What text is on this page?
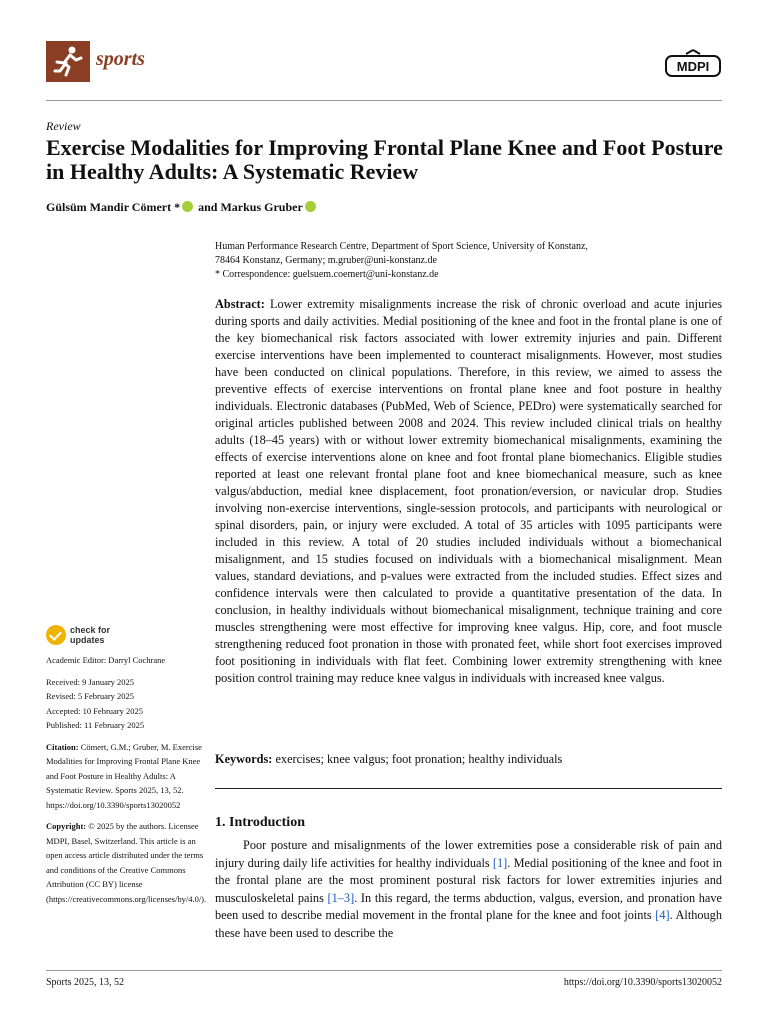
sports	MDPI
Review
Exercise Modalities for Improving Frontal Plane Knee and Foot Posture in Healthy Adults: A Systematic Review
Gülsüm Mandir Cömert * and Markus Gruber
Human Performance Research Centre, Department of Sport Science, University of Konstanz,
78464 Konstanz, Germany; m.gruber@uni-konstanz.de
* Correspondence: guelsuem.coemert@uni-konstanz.de
Abstract: Lower extremity misalignments increase the risk of chronic overload and acute injuries during sports and daily activities. Medial positioning of the knee and foot in the frontal plane is one of the key biomechanical risk factors associated with lower extremity injuries and pain. Different exercise interventions have been implemented to counteract misalignments. However, most studies have been conducted on clinical populations. Therefore, in this review, we aimed to assess the preventive effects of exercise interventions on frontal plane knee and foot posture in healthy individuals. Electronic databases (PubMed, Web of Science, PEDro) were systematically searched for original articles published between 2008 and 2024. This review included clinical trials on healthy adults (18–45 years) with or without lower extremity biomechanical misalignments, examining the effects of exercise interventions alone on knee and foot frontal plane biomechanics. Eligible studies reported at least one relevant frontal plane foot and knee biomechanical measure, such as knee valgus/abduction, medial knee displacement, foot pronation/eversion, or navicular drop. Studies involving non-exercise interventions, single-session protocols, and participants with neurological or spinal disorders, pain, or injury were excluded. A total of 35 articles with 1095 participants were included in this review. A total of 20 studies included individuals without a biomechanical misalignment, and 15 studies focused on individuals with a biomechanical misalignment. Mean values, standard deviations, and p-values were extracted from the included studies. Effect sizes and confidence intervals were then calculated to provide a quantitative presentation of the data. In conclusion, in healthy individuals without biomechanical misalignment, technique training and core muscles strengthening were most effective for improving knee valgus. Hip, core, and foot muscle strengthening reduced foot pronation in those with pronated feet, while short foot exercises improved foot positioning in individuals with flat feet. Combining lower extremity strengthening with knee position control training may reduce knee valgus in individuals with increased knee valgus.
Keywords: exercises; knee valgus; foot pronation; healthy individuals
1. Introduction
Poor posture and misalignments of the lower extremities pose a considerable risk of pain and injury during daily life activities for healthy individuals [1]. Medial positioning of the knee and foot in the frontal plane are the most prominent postural risk factors for lower extremities injuries and musculoskeletal pains [1–3]. In this regard, the terms abduction, valgus, eversion, and pronation have been used to describe medial movement in the frontal plane for the knee and foot joints [4]. Although these have been used to describe the
check for
updates
Academic Editor: Darryl Cochrane
Received: 9 January 2025
Revised: 5 February 2025
Accepted: 10 February 2025
Published: 11 February 2025
Citation: Cömert, G.M.; Gruber, M. Exercise Modalities for Improving Frontal Plane Knee and Foot Posture in Healthy Adults: A Systematic Review. Sports 2025, 13, 52. https://doi.org/10.3390/sports13020052
Copyright: © 2025 by the authors. Licensee MDPI, Basel, Switzerland. This article is an open access article distributed under the terms and conditions of the Creative Commons Attribution (CC BY) license (https://creativecommons.org/licenses/by/4.0/).
Sports 2025, 13, 52	https://doi.org/10.3390/sports13020052
